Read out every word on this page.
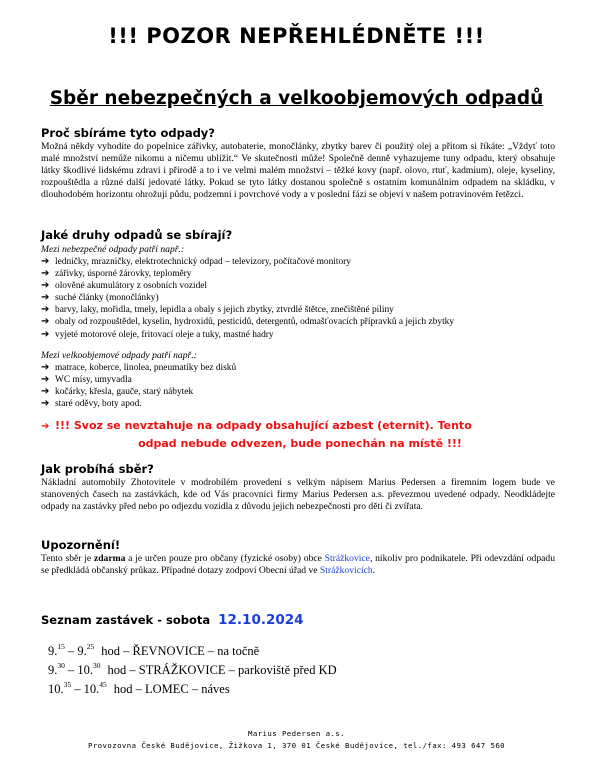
!!! POZOR NEPŘEHLÉDNĚTE !!!
Sběr nebezpečných a velkoobjemových odpadů
Proč sbíráme tyto odpady?
Možná někdy vyhodíte do popelnice zářivky, autobaterie, monočlánky, zbytky barev či použitý olej a přitom si říkáte: „Vždyť toto malé množství nemůže nikomu a ničemu ublížit.“ Ve skutečnosti může! Společně denně vyhazujeme tuny odpadu, který obsahuje látky škodlivé lidskému zdraví i přírodě a to i ve velmi malém množství – těžké kovy (např. olovo, rtuť, kadmium), oleje, kyseliny, rozpouštědla a různé další jedovaté látky. Pokud se tyto látky dostanou společně s ostatním komunálním odpadem na skládku, v dlouhodobém horizontu ohrožují půdu, podzemní i povrchové vody a v poslední fázi se objeví v našem potravinovém řetězci.
Jaké druhy odpadů se sbírají?
Mezi nebezpečné odpady patří např.:
➔ ledničky, mrazničky, elektrotechnický odpad – televizory, počítačové monitory
➔ zářivky, úsporné žárovky, teploměry
➔ olověné akumulátory z osobních vozidel
➔ suché články (monočlánky)
➔ barvy, laky, mořidla, tmely, lepidla a obaly s jejich zbytky, ztvrdlé štětce, znečištěné piliny
➔ obaly od rozpouštědel, kyselin, hydroxidů, pesticidů, detergentů, odmašťovacích přípravků a jejich zbytky
➔ vyjeté motorové oleje, fritovací oleje a tuky, mastné hadry
Mezi velkoobjemové odpady patří např.:
➔ matrace, koberce, linolea, pneumatiky bez disků
➔ WC mísy, umyvadla
➔ kočárky, křesla, gauče, starý nábytek
➔ staré oděvy, boty apod.
➔ !!! Svoz se nevztahuje na odpady obsahující azbest (eternit). Tento
odpad nebude odvezen, bude ponechán na místě !!!
Jak probíhá sběr?
Nákladní automobily Zhotovitele v modrobílém provedení s velkým nápisem Marius Pedersen a firemním logem bude ve stanovených časech na zastávkách, kde od Vás pracovníci firmy Marius Pedersen a.s. převezmou uvedené odpady. Neodkládejte odpady na zastávky před nebo po odjezdu vozidla z důvodu jejich nebezpečnosti pro děti či zvířata.
Upozornění!
Tento sběr je zdarma a je určen pouze pro občany (fyzické osoby) obce Strážkovice, nikoliv pro podnikatele. Při odevzdání odpadu se předkládá občanský průkaz. Případné dotazy zodpoví Obecní úřad ve Strážkovicích.
Seznam zastávek - sobota 12.10.2024
9.15 – 9.25 hod – ŘEVNOVICE – na točně
9.30 – 10.30 hod – STRÁŽKOVICE – parkoviště před KD
10.35 – 10.45 hod – LOMEC – náves
Marius Pedersen a.s.
Provozovna České Budějovice, Žižkova 1, 370 01 České Budějovice, tel./fax: 493 647 560
